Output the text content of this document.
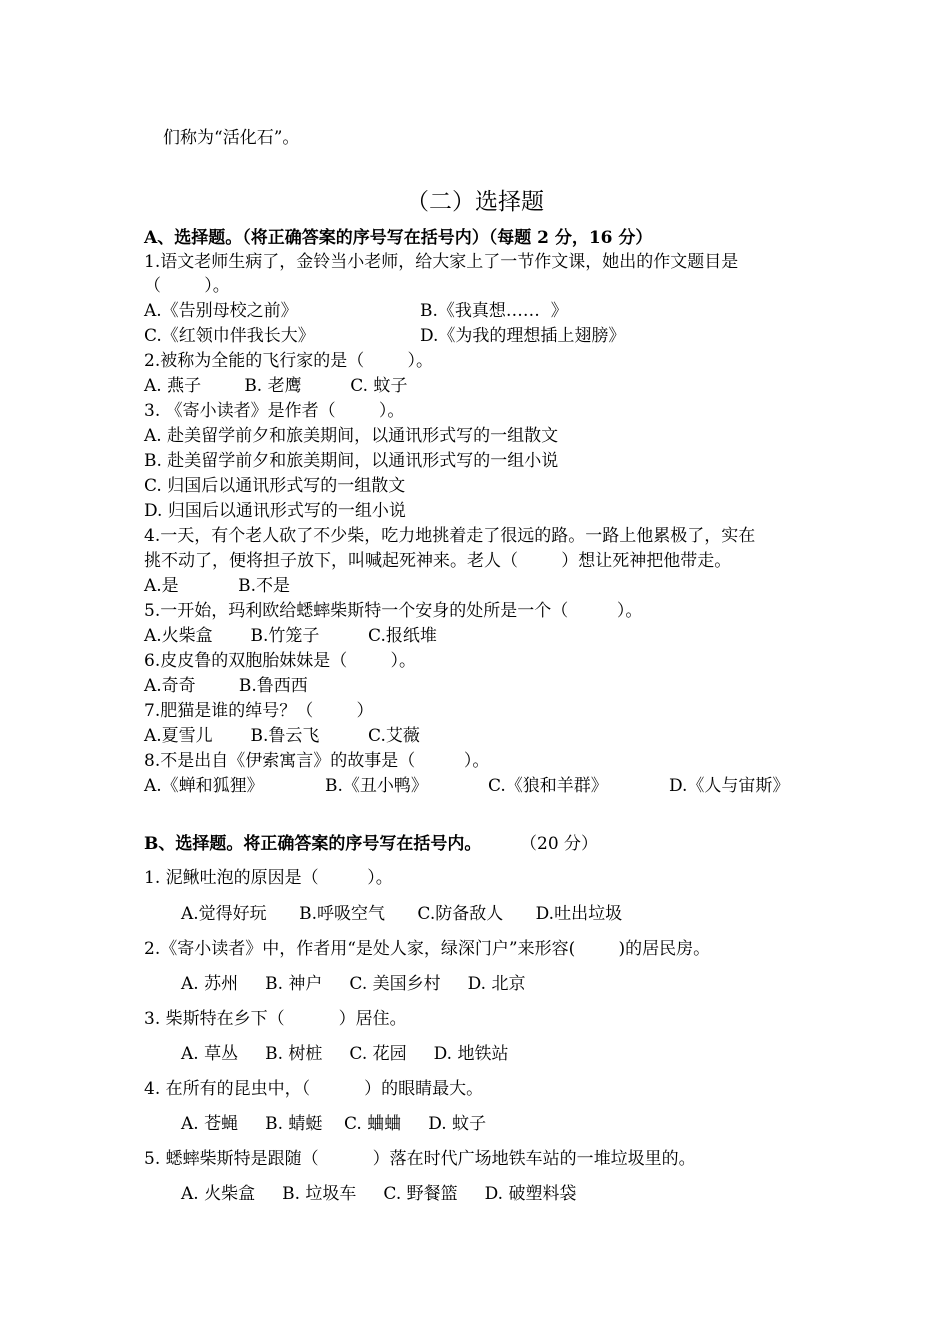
们称为“活化石”。
（二）选择题
A、选择题。（将正确答案的序号写在括号内）（每题 2 分，16 分）
1.语文老师生病了，金铃当小老师，给大家上了一节作文课，她出的作文题目是
（        ）。
A.《告别母校之前》	B.《我真想……  》
C.《红领巾伴我长大》	D.《为我的理想插上翅膀》
2.被称为全能的飞行家的是（        ）。
A. 燕子        B. 老鹰         C. 蚊子
3. 《寄小读者》是作者（        ）。
A. 赴美留学前夕和旅美期间，以通讯形式写的一组散文
B. 赴美留学前夕和旅美期间，以通讯形式写的一组小说
C. 归国后以通讯形式写的一组散文
D. 归国后以通讯形式写的一组小说
4.一天，有个老人砍了不少柴，吃力地挑着走了很远的路。一路上他累极了，实在
挑不动了，便将担子放下，叫喊起死神来。老人（        ）想让死神把他带走。
A.是           B.不是
5.一开始，玛利欧给蟋蟀柴斯特一个安身的处所是一个（         ）。
A.火柴盒       B.竹笼子         C.报纸堆
6.皮皮鲁的双胞胎妹妹是（        ）。
A.奇奇        B.鲁西西
7.肥猫是谁的绰号？（        ）
A.夏雪儿       B.鲁云飞         C.艾薇
8.不是出自《伊索寓言》的故事是（         ）。
A.《蝉和狐狸》	B.《丑小鸭》	C.《狼和羊群》	D.《人与宙斯》
B、选择题。将正确答案的序号写在括号内。 （20 分）
1. 泥鳅吐泡的原因是（         ）。
A.觉得好玩      B.呼吸空气      C.防备敌人      D.吐出垃圾
2.《寄小读者》中，作者用“是处人家，绿深门户”来形容(        )的居民房。
A. 苏州     B. 神户     C. 美国乡村     D. 北京
3. 柴斯特在乡下（          ）居住。
A. 草丛     B. 树桩     C. 花园     D. 地铁站
4. 在所有的昆虫中，（          ）的眼睛最大。
A. 苍蝇     B. 蜻蜓    C. 蛐蛐     D. 蚊子
5. 蟋蟀柴斯特是跟随（          ）落在时代广场地铁车站的一堆垃圾里的。
A. 火柴盒     B. 垃圾车     C. 野餐篮     D. 破塑料袋
